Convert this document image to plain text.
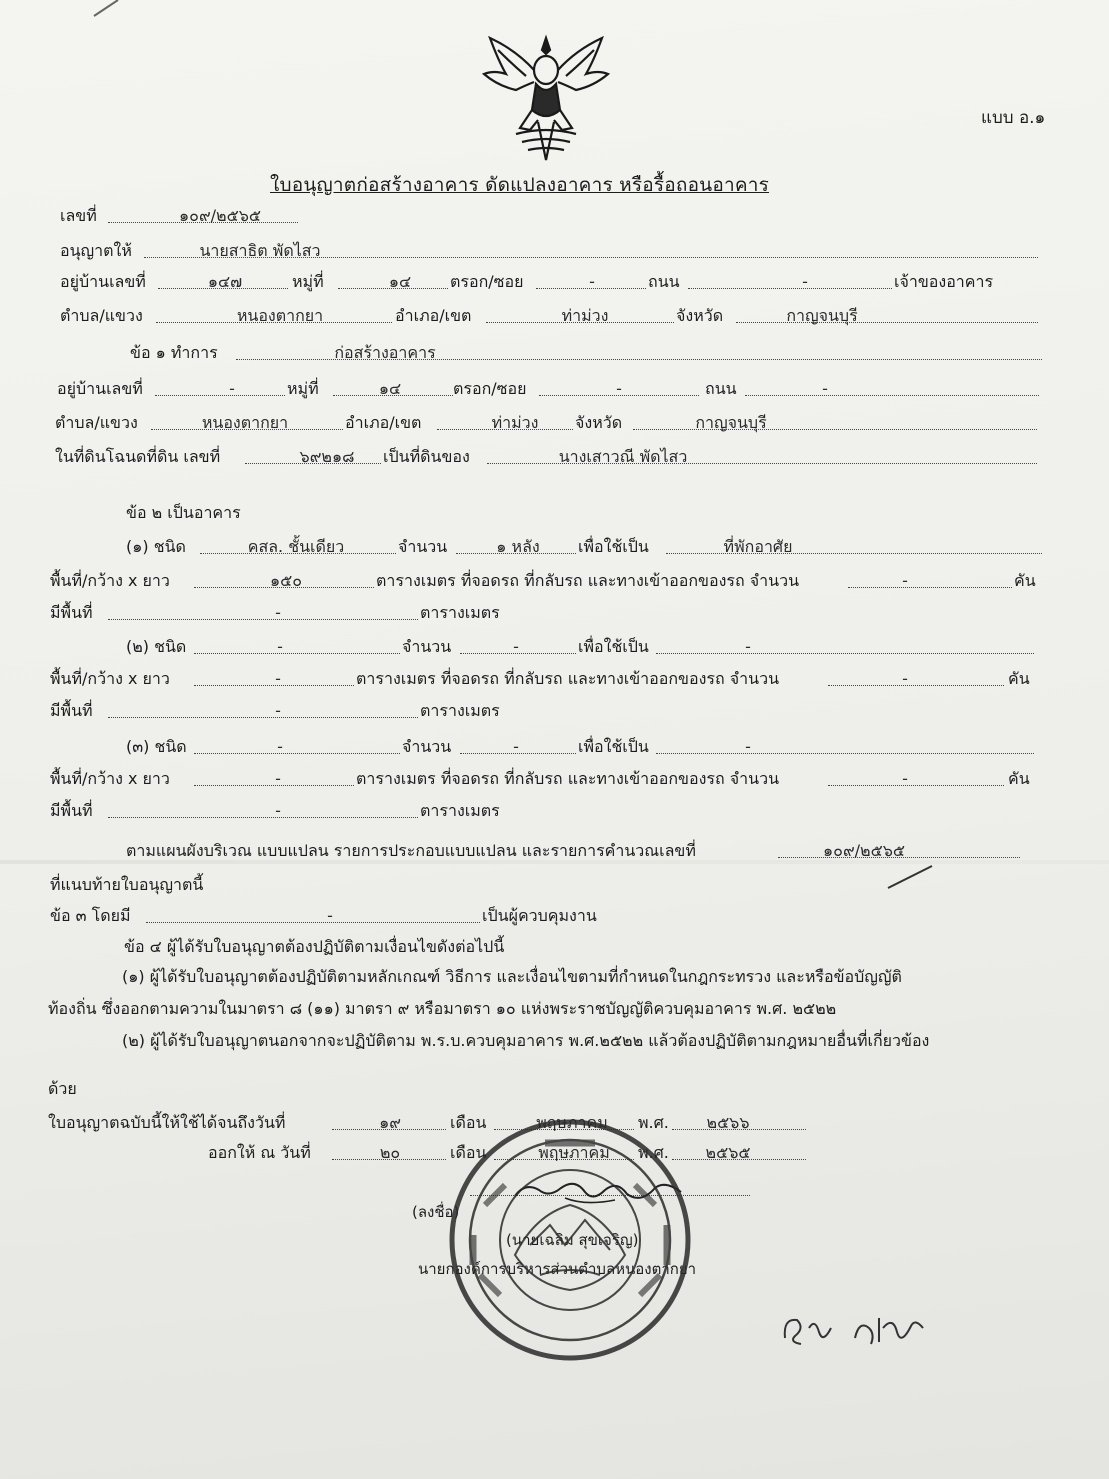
แบบ อ.๑
ใบอนุญาตก่อสร้างอาคาร ดัดแปลงอาคาร หรือรื้อถอนอาคาร
เลขที่	๑๐๙/๒๕๖๕
อนุญาตให้	นายสาธิต พัดไสว
อยู่บ้านเลขที่	๑๔๗	หมู่ที่	๑๔ ตรอก/ซอย	-	ถนน	-	เจ้าของอาคาร
ตำบล/แขวง	หนองตากยา	อำเภอ/เขต	ท่าม่วง	จังหวัด	กาญจนบุรี
ข้อ ๑ ทำการ	ก่อสร้างอาคาร
อยู่บ้านเลขที่	-	หมู่ที่	๑๔	ตรอก/ซอย	-	ถนน	-
ตำบล/แขวง	หนองตากยา	อำเภอ/เขต	ท่าม่วง จังหวัด	กาญจนบุรี
ในที่ดินโฉนดที่ดิน เลขที่	๖๙๒๑๘ เป็นที่ดินของ	นางเสาวณี พัดไสว
ข้อ ๒ เป็นอาคาร
(๑) ชนิด	คสล. ชั้นเดียว	จำนวน	๑ หลัง เพื่อใช้เป็น	ที่พักอาศัย
พื้นที่/กว้าง x ยาว	๑๕๐	ตารางเมตร ที่จอดรถ ที่กลับรถ และทางเข้าออกของรถ จำนวน	-	คัน
มีพื้นที่	-	ตารางเมตร
(๒) ชนิด	-	จำนวน	-	เพื่อใช้เป็น	-
พื้นที่/กว้าง x ยาว	-	ตารางเมตร ที่จอดรถ ที่กลับรถ และทางเข้าออกของรถ จำนวน	-	คัน
มีพื้นที่	-	ตารางเมตร
(๓) ชนิด	-	จำนวน	-	เพื่อใช้เป็น	-
พื้นที่/กว้าง x ยาว	-	ตารางเมตร ที่จอดรถ ที่กลับรถ และทางเข้าออกของรถ จำนวน	-	คัน
มีพื้นที่	-	ตารางเมตร
ตามแผนผังบริเวณ แบบแปลน รายการประกอบแบบแปลน และรายการคำนวณเลขที่	๑๐๙/๒๕๖๕
ที่แนบท้ายใบอนุญาตนี้
ข้อ ๓ โดยมี	-	เป็นผู้ควบคุมงาน
ข้อ ๔ ผู้ได้รับใบอนุญาตต้องปฏิบัติตามเงื่อนไขดังต่อไปนี้
(๑) ผู้ได้รับใบอนุญาตต้องปฏิบัติตามหลักเกณฑ์ วิธีการ และเงื่อนไขตามที่กำหนดในกฎกระทรวง และหรือข้อบัญญัติ
ท้องถิ่น ซึ่งออกตามความในมาตรา ๘ (๑๑) มาตรา ๙ หรือมาตรา ๑๐ แห่งพระราชบัญญัติควบคุมอาคาร พ.ศ. ๒๕๒๒
(๒) ผู้ได้รับใบอนุญาตนอกจากจะปฏิบัติตาม พ.ร.บ.ควบคุมอาคาร พ.ศ.๒๕๒๒ แล้วต้องปฏิบัติตามกฎหมายอื่นที่เกี่ยวข้อง
ด้วย
ใบอนุญาตฉบับนี้ให้ใช้ได้จนถึงวันที่	๑๙	เดือน	พฤษภาคม พ.ศ. ๒๕๖๖
ออกให้ ณ วันที่	๒๐	เดือน	พฤษภาคม พ.ศ. ๒๕๖๕
(ลงชื่อ)
(นายเฉลิม สุขเจริญ)
นายกองค์การบริหารส่วนตำบลหนองตากยา
